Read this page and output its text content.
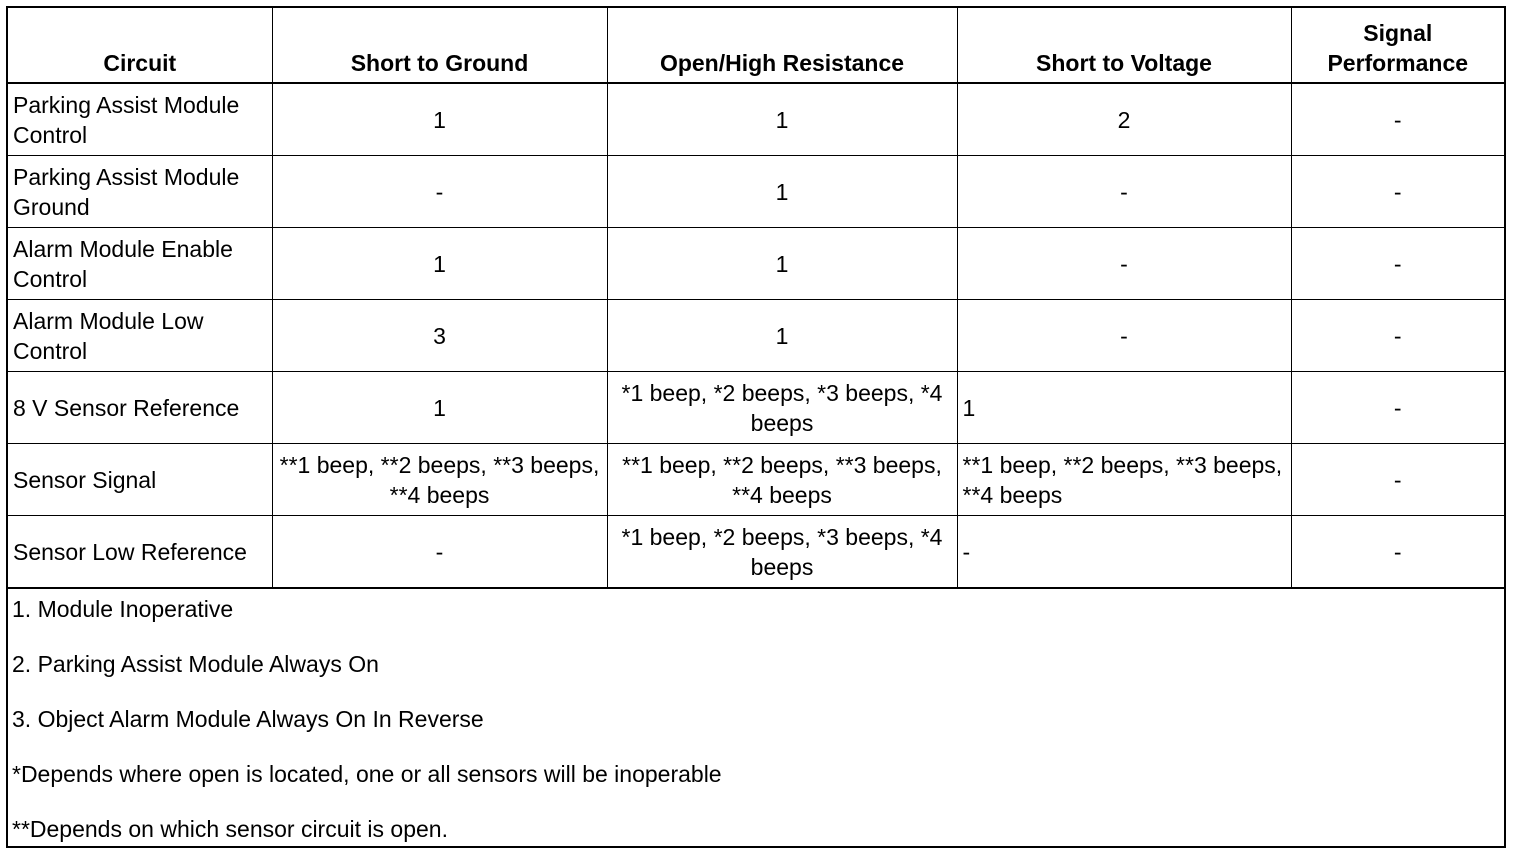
Circuit	Short to Ground	Open/High Resistance	Short to Voltage	Signal
Performance
Parking Assist Module Control	1	1	2	-
Parking Assist Module Ground	-	1	-	-
Alarm Module Enable Control	1	1	-	-
Alarm Module Low Control	3	1	-	-
8 V Sensor Reference	1	*1 beep, *2 beeps, *3 beeps, *4 beeps	1	-
Sensor Signal	**1 beep, **2 beeps, **3 beeps, **4 beeps	**1 beep, **2 beeps, **3 beeps, **4 beeps	**1 beep, **2 beeps, **3 beeps, **4 beeps	-
Sensor Low Reference	-	*1 beep, *2 beeps, *3 beeps, *4 beeps	-	-
1. Module Inoperative
2. Parking Assist Module Always On
3. Object Alarm Module Always On In Reverse
*Depends where open is located, one or all sensors will be inoperable
**Depends on which sensor circuit is open.
